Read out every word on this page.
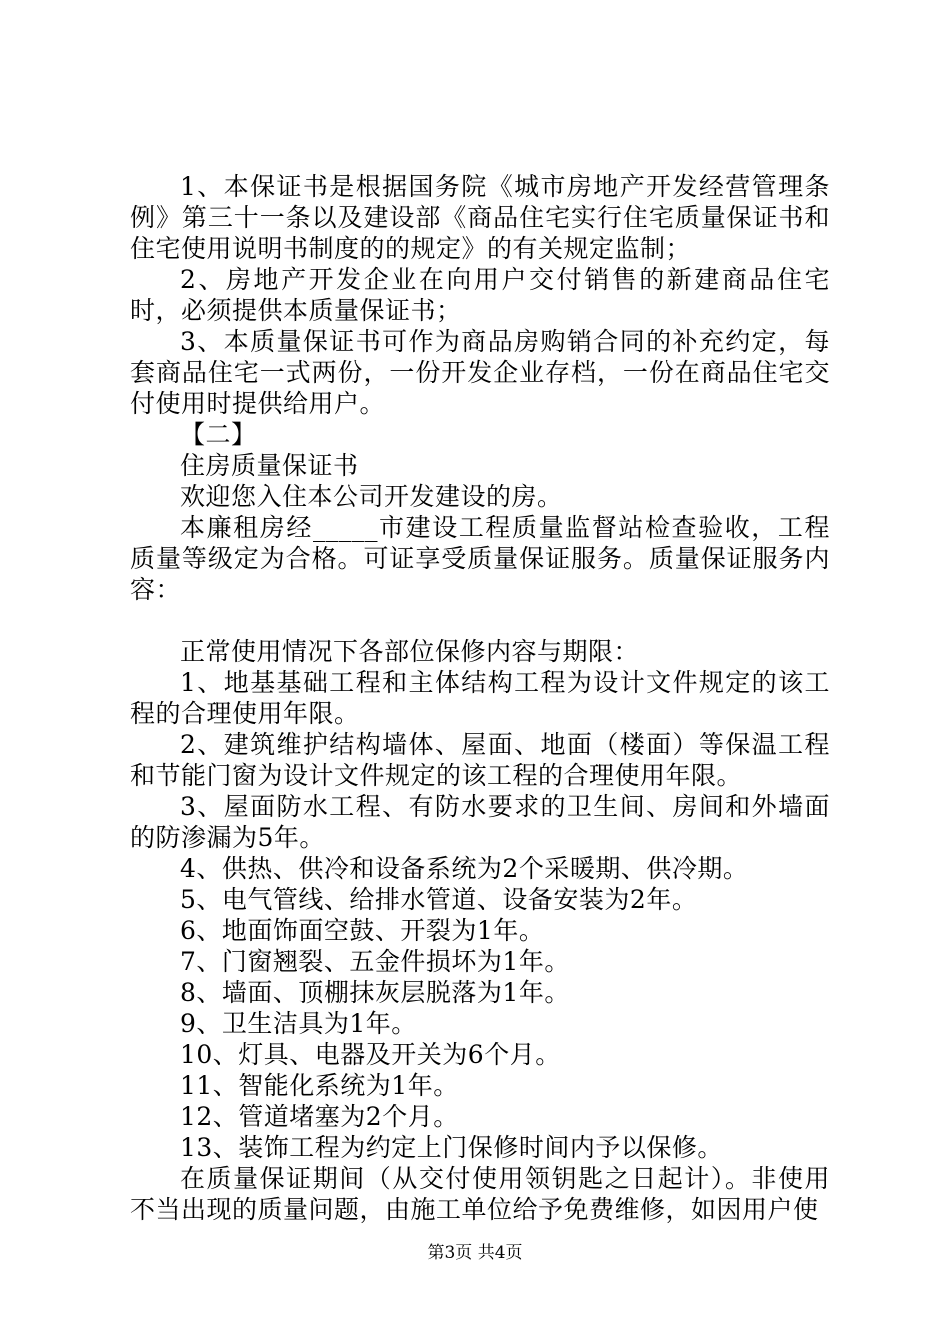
1、本保证书是根据国务院《城市房地产开发经营管理条例》第三十一条以及建设部《商品住宅实行住宅质量保证书和住宅使用说明书制度的的规定》的有关规定监制；

2、房地产开发企业在向用户交付销售的新建商品住宅时，必须提供本质量保证书；

3、本质量保证书可作为商品房购销合同的补充约定，每套商品住宅一式两份，一份开发企业存档，一份在商品住宅交付使用时提供给用户。

【二】

住房质量保证书

欢迎您入住本公司开发建设的房。

本廉租房经_____市建设工程质量监督站检查验收，工程质量等级定为合格。可证享受质量保证服务。质量保证服务内容：

正常使用情况下各部位保修内容与期限：

1、地基基础工程和主体结构工程为设计文件规定的该工程的合理使用年限。

2、建筑维护结构墙体、屋面、地面（楼面）等保温工程和节能门窗为设计文件规定的该工程的合理使用年限。

3、屋面防水工程、有防水要求的卫生间、房间和外墙面的防渗漏为5年。

4、供热、供冷和设备系统为2个采暖期、供冷期。

5、电气管线、给排水管道、设备安装为2年。

6、地面饰面空鼓、开裂为1年。

7、门窗翘裂、五金件损坏为1年。

8、墙面、顶棚抹灰层脱落为1年。

9、卫生洁具为1年。

10、灯具、电器及开关为6个月。

11、智能化系统为1年。

12、管道堵塞为2个月。

13、装饰工程为约定上门保修时间内予以保修。

在质量保证期间（从交付使用领钥匙之日起计）。非使用不当出现的质量问题，由施工单位给予免费维修，如因用户使

第3页 共4页
